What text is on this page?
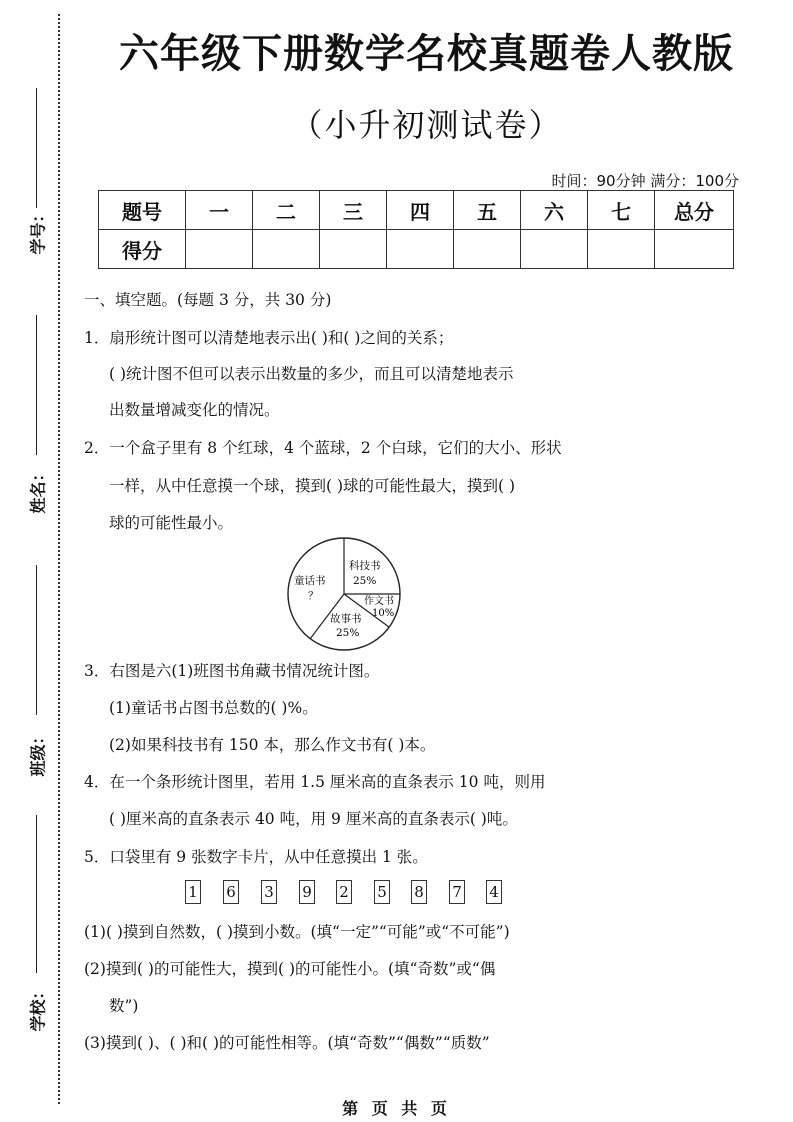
学号：
姓名：
班级：
学校：
六年级下册数学名校真题卷人教版
（小升初测试卷）
时间：90分钟 满分：100分
题号	一	二	三	四	五	六	七	总分
得分								
一、填空题。(每题 3 分，共 30 分)
1．扇形统计图可以清楚地表示出( )和( )之间的关系；
( )统计图不但可以表示出数量的多少，而且可以清楚地表示
出数量增减变化的情况。
2．一个盒子里有 8 个红球，4 个蓝球，2 个白球，它们的大小、形状
一样，从中任意摸一个球，摸到( )球的可能性最大，摸到( )
球的可能性最小。
童话书
？
科技书
25%
作文书
10%
故事书
25%
3．右图是六(1)班图书角藏书情况统计图。
(1)童话书占图书总数的( )%。
(2)如果科技书有 150 本，那么作文书有( )本。
4．在一个条形统计图里，若用 1.5 厘米高的直条表示 10 吨，则用
( )厘米高的直条表示 40 吨，用 9 厘米高的直条表示( )吨。
5．口袋里有 9 张数字卡片，从中任意摸出 1 张。
1 6 3 9 2 5 8 7 4
(1)( )摸到自然数，( )摸到小数。(填“一定”“可能”或“不可能”)
(2)摸到( )的可能性大，摸到( )的可能性小。(填“奇数”或“偶
数”)
(3)摸到( )、( )和( )的可能性相等。(填“奇数”“偶数”“质数”
第 页 共 页
